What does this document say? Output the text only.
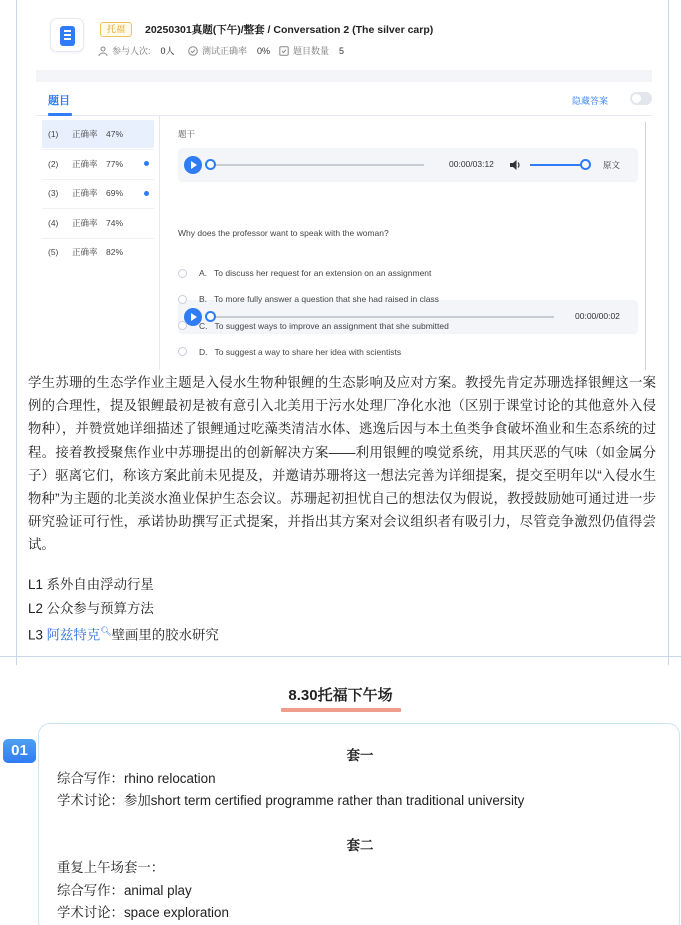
托福	20250301真题(下午)/整套 / Conversation 2 (The silver carp)
参与人次: 0人	测试正确率 0%	题目数量 5
题目	隐藏答案
(1)	正确率 47%
(2)	正确率 77%
(3)	正确率 69%
(4)	正确率 74%
(5)	正确率 82%
题干
00:00/03:12	原文
Why does the professor want to speak with the woman?
00:00/00:02
A. To discuss her request for an extension on an assignment
B. To more fully answer a question that she had raised in class
C. To suggest ways to improve an assignment that she submitted
D. To suggest a way to share her idea with scientists

学生苏珊的生态学作业主题是入侵水生物种银鲤的生态影响及应对方案。教授先肯定苏珊选择银鲤这一案例的合理性，提及银鲤最初是被有意引入北美用于污水处理厂净化水池（区别于课堂讨论的其他意外入侵物种），并赞赏她详细描述了银鲤通过吃藻类清洁水体、逃逸后因与本土鱼类争食破坏渔业和生态系统的过程。接着教授聚焦作业中苏珊提出的创新解决方案——利用银鲤的嗅觉系统，用其厌恶的气味（如金属分子）驱离它们，称该方案此前未见提及，并邀请苏珊将这一想法完善为详细提案，提交至明年以“入侵水生物种”为主题的北美淡水渔业保护生态会议。苏珊起初担忧自己的想法仅为假说，教授鼓励她可通过进一步研究验证可行性，承诺协助撰写正式提案，并指出其方案对会议组织者有吸引力，尽管竞争激烈仍值得尝试。

L1 系外自由浮动行星
L2 公众参与预算方法
L3 阿兹特克🔍︎壁画里的胶水研究
8.30托福下午场
套一
综合写作：rhino relocation
学术讨论：参加short term certified programme rather than traditional university
套二
重复上午场套一：
综合写作：animal play
学术讨论：space exploration
01
